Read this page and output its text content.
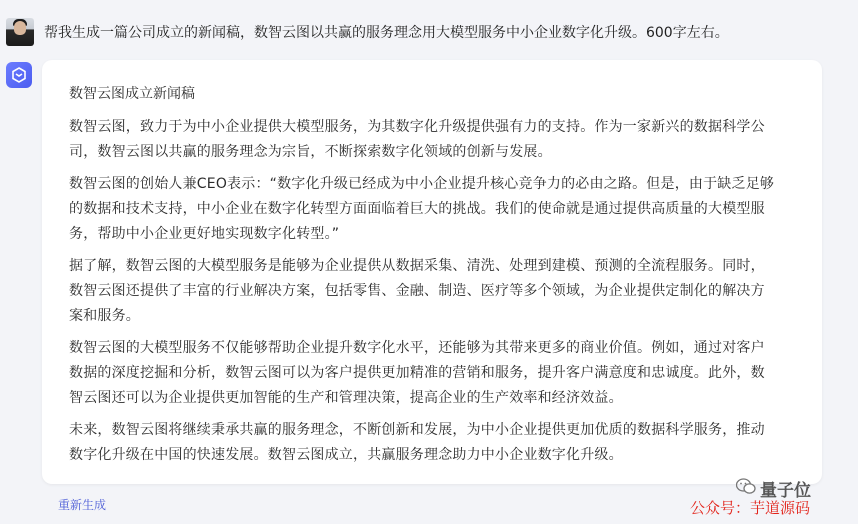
帮我生成一篇公司成立的新闻稿，数智云图以共赢的服务理念用大模型服务中小企业数字化升级。600字左右。
数智云图成立新闻稿

数智云图，致力于为中小企业提供大模型服务，为其数字化升级提供强有力的支持。作为一家新兴的数据科学公司，数智云图以共赢的服务理念为宗旨，不断探索数字化领域的创新与发展。

数智云图的创始人兼CEO表示：“数字化升级已经成为中小企业提升核心竞争力的必由之路。但是，由于缺乏足够的数据和技术支持，中小企业在数字化转型方面面临着巨大的挑战。我们的使命就是通过提供高质量的大模型服务，帮助中小企业更好地实现数字化转型。”

据了解，数智云图的大模型服务是能够为企业提供从数据采集、清洗、处理到建模、预测的全流程服务。同时，数智云图还提供了丰富的行业解决方案，包括零售、金融、制造、医疗等多个领域，为企业提供定制化的解决方案和服务。

数智云图的大模型服务不仅能够帮助企业提升数字化水平，还能够为其带来更多的商业价值。例如，通过对客户数据的深度挖掘和分析，数智云图可以为客户提供更加精准的营销和服务，提升客户满意度和忠诚度。此外，数智云图还可以为企业提供更加智能的生产和管理决策，提高企业的生产效率和经济效益。

未来，数智云图将继续秉承共赢的服务理念，不断创新和发展，为中小企业提供更加优质的数据科学服务，推动数字化升级在中国的快速发展。数智云图成立，共赢服务理念助力中小企业数字化升级。

重新生成
量子位
公众号：芋道源码
